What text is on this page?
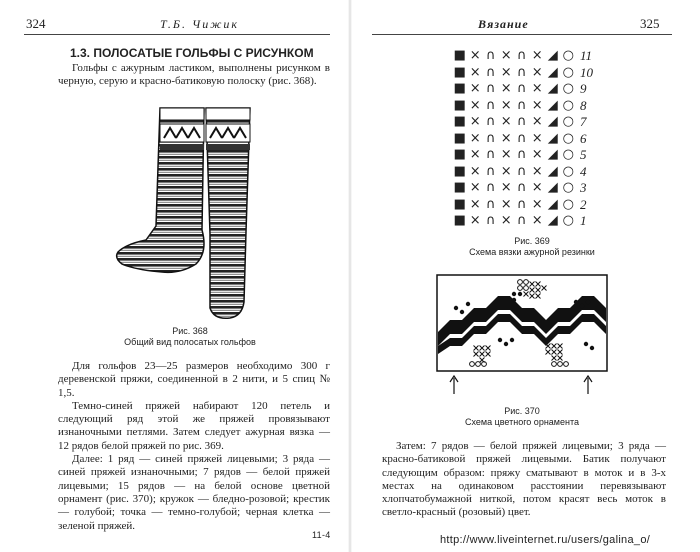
324	Т.Б. Чижик
1.3. ПОЛОСАТЫЕ ГОЛЬФЫ С РИСУНКОМ
Гольфы с ажурным ластиком, выполнены рисунком в черную, серую и красно-батиковую полоску (рис. 368).
Рис. 368
Общий вид полосатых гольфов

Для гольфов 23—25 размеров необходимо 300 г деревенской пряжи, соединенной в 2 нити, и 5 спиц № 1,5.

Темно-синей пряжей набирают 120 петель и следующий ряд этой же пряжей провязывают изнаночными петлями. Затем следует ажурная вязка — 12 рядов белой пряжей по рис. 369.

Далее: 1 ряд — синей пряжей лицевыми; 3 ряда — синей пряжей изнаночными; 7 рядов — белой пряжей лицевыми; 15 рядов — на белой основе цветной орнамент (рис. 370); кружок — бледно-розовой; крестик — голубой; точка — темно-голубой; черная клетка — зеленой пряжей.

11-4
Вязание	325
■ × ∩ × ∩ × ◢ ○ 11
■ × ∩ × ∩ × ◢ ○ 10
■ × ∩ × ∩ × ◢ ○ 9
■ × ∩ × ∩ × ◢ ○ 8
■ × ∩ × ∩ × ◢ ○ 7
■ × ∩ × ∩ × ◢ ○ 6
■ × ∩ × ∩ × ◢ ○ 5
■ × ∩ × ∩ × ◢ ○ 4
■ × ∩ × ∩ × ◢ ○ 3
■ × ∩ × ∩ × ◢ ○ 2
■ × ∩ × ∩ × ◢ ○ 1
Рис. 369
Схема вязки ажурной резинки
Рис. 370
Схема цветного орнамента
Затем: 7 рядов — белой пряжей лицевыми; 3 ряда — красно-батиковой пряжей лицевыми. Батик получают следующим образом: пряжу сматывают в моток и в 3-х местах на одинаковом расстоянии перевязывают хлопчатобумажной ниткой, потом красят весь моток в светло-красный (розовый) цвет.
http://www.liveinternet.ru/users/galina_o/
